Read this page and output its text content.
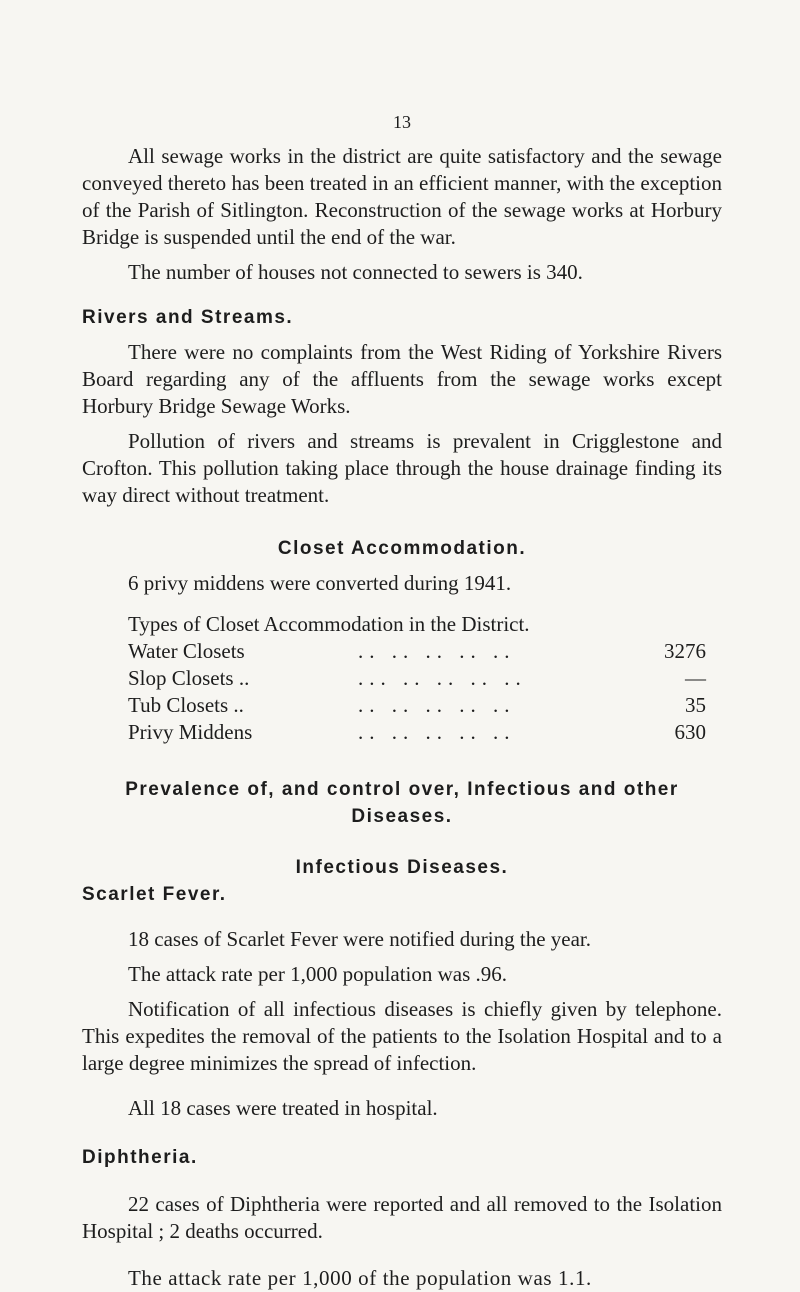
13

All sewage works in the district are quite satisfactory and the sewage conveyed thereto has been treated in an efficient manner, with the exception of the Parish of Sitlington. Reconstruction of the sewage works at Horbury Bridge is suspended until the end of the war.

The number of houses not connected to sewers is 340.

Rivers and Streams.

There were no complaints from the West Riding of Yorkshire Rivers Board regarding any of the affluents from the sewage works except Horbury Bridge Sewage Works.

Pollution of rivers and streams is prevalent in Crigglestone and Crofton. This pollution taking place through the house drainage finding its way direct without treatment.

Closet Accommodation.

6 privy middens were converted during 1941.

Types of Closet Accommodation in the District.

Water Closets	.. .. .. .. ..	3276
Slop Closets ..	... .. .. .. ..	—
Tub Closets ..	.. .. .. .. ..	35
Privy Middens	.. .. .. .. ..	630
Prevalence of, and control over, Infectious and other
Diseases.
Infectious Diseases.
Scarlet Fever.

18 cases of Scarlet Fever were notified during the year.

The attack rate per 1,000 population was .96.

Notification of all infectious diseases is chiefly given by telephone. This expedites the removal of the patients to the Isolation Hospital and to a large degree minimizes the spread of infection.

All 18 cases were treated in hospital.

Diphtheria.

22 cases of Diphtheria were reported and all removed to the Isolation Hospital ; 2 deaths occurred.

The attack rate per 1,000 of the population was 1.1.
